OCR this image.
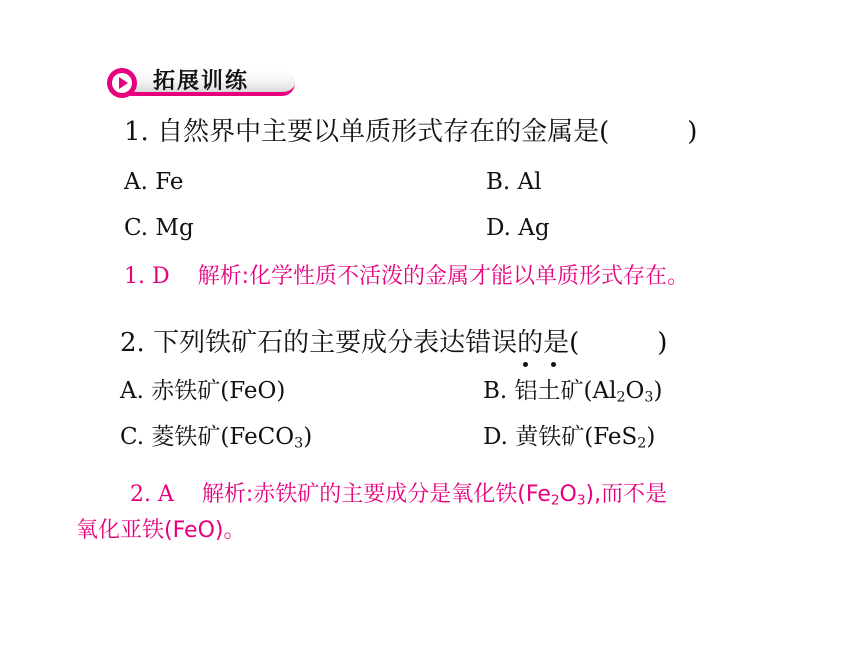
拓展训练
1. 自然界中主要以单质形式存在的金属是(　　　)
A. Fe	B. Al
C. Mg	D. Ag
1. D 解析:化学性质不活泼的金属才能以单质形式存在。
2. 下列铁矿石的主要成分表达错误的是(　　　)
A. 赤铁矿(FeO)	B. 铝土矿$(Al_2O_3)$
C. 菱铁矿(FeCO$_3$)	D. 黄铁矿(FeS$_2$)
2. A 解析:赤铁矿的主要成分是氧化铁$(Fe_2O_3)$,而不是
氧化亚铁(FeO)。
